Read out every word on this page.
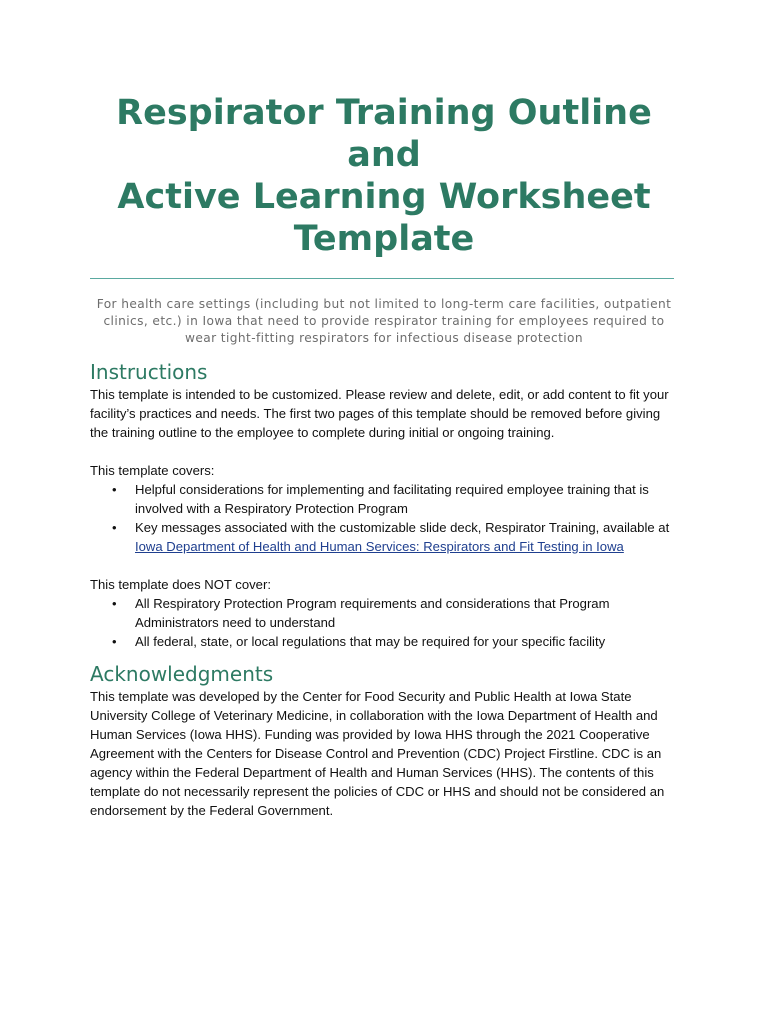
Respirator Training Outline
and
Active Learning Worksheet
Template
For health care settings (including but not limited to long-term care facilities, outpatient clinics, etc.) in Iowa that need to provide respirator training for employees required to wear tight-fitting respirators for infectious disease protection
Instructions

This template is intended to be customized. Please review and delete, edit, or add content to fit your facility’s practices and needs. The first two pages of this template should be removed before giving the training outline to the employee to complete during initial or ongoing training.

This template covers:

• Helpful considerations for implementing and facilitating required employee training that is involved with a Respiratory Protection Program
• Key messages associated with the customizable slide deck, Respirator Training, available at Iowa Department of Health and Human Services: Respirators and Fit Testing in Iowa

This template does NOT cover:

• All Respiratory Protection Program requirements and considerations that Program Administrators need to understand
• All federal, state, or local regulations that may be required for your specific facility
Acknowledgments

This template was developed by the Center for Food Security and Public Health at Iowa State University College of Veterinary Medicine, in collaboration with the Iowa Department of Health and Human Services (Iowa HHS). Funding was provided by Iowa HHS through the 2021 Cooperative Agreement with the Centers for Disease Control and Prevention (CDC) Project Firstline. CDC is an agency within the Federal Department of Health and Human Services (HHS). The contents of this template do not necessarily represent the policies of CDC or HHS and should not be considered an endorsement by the Federal Government.
